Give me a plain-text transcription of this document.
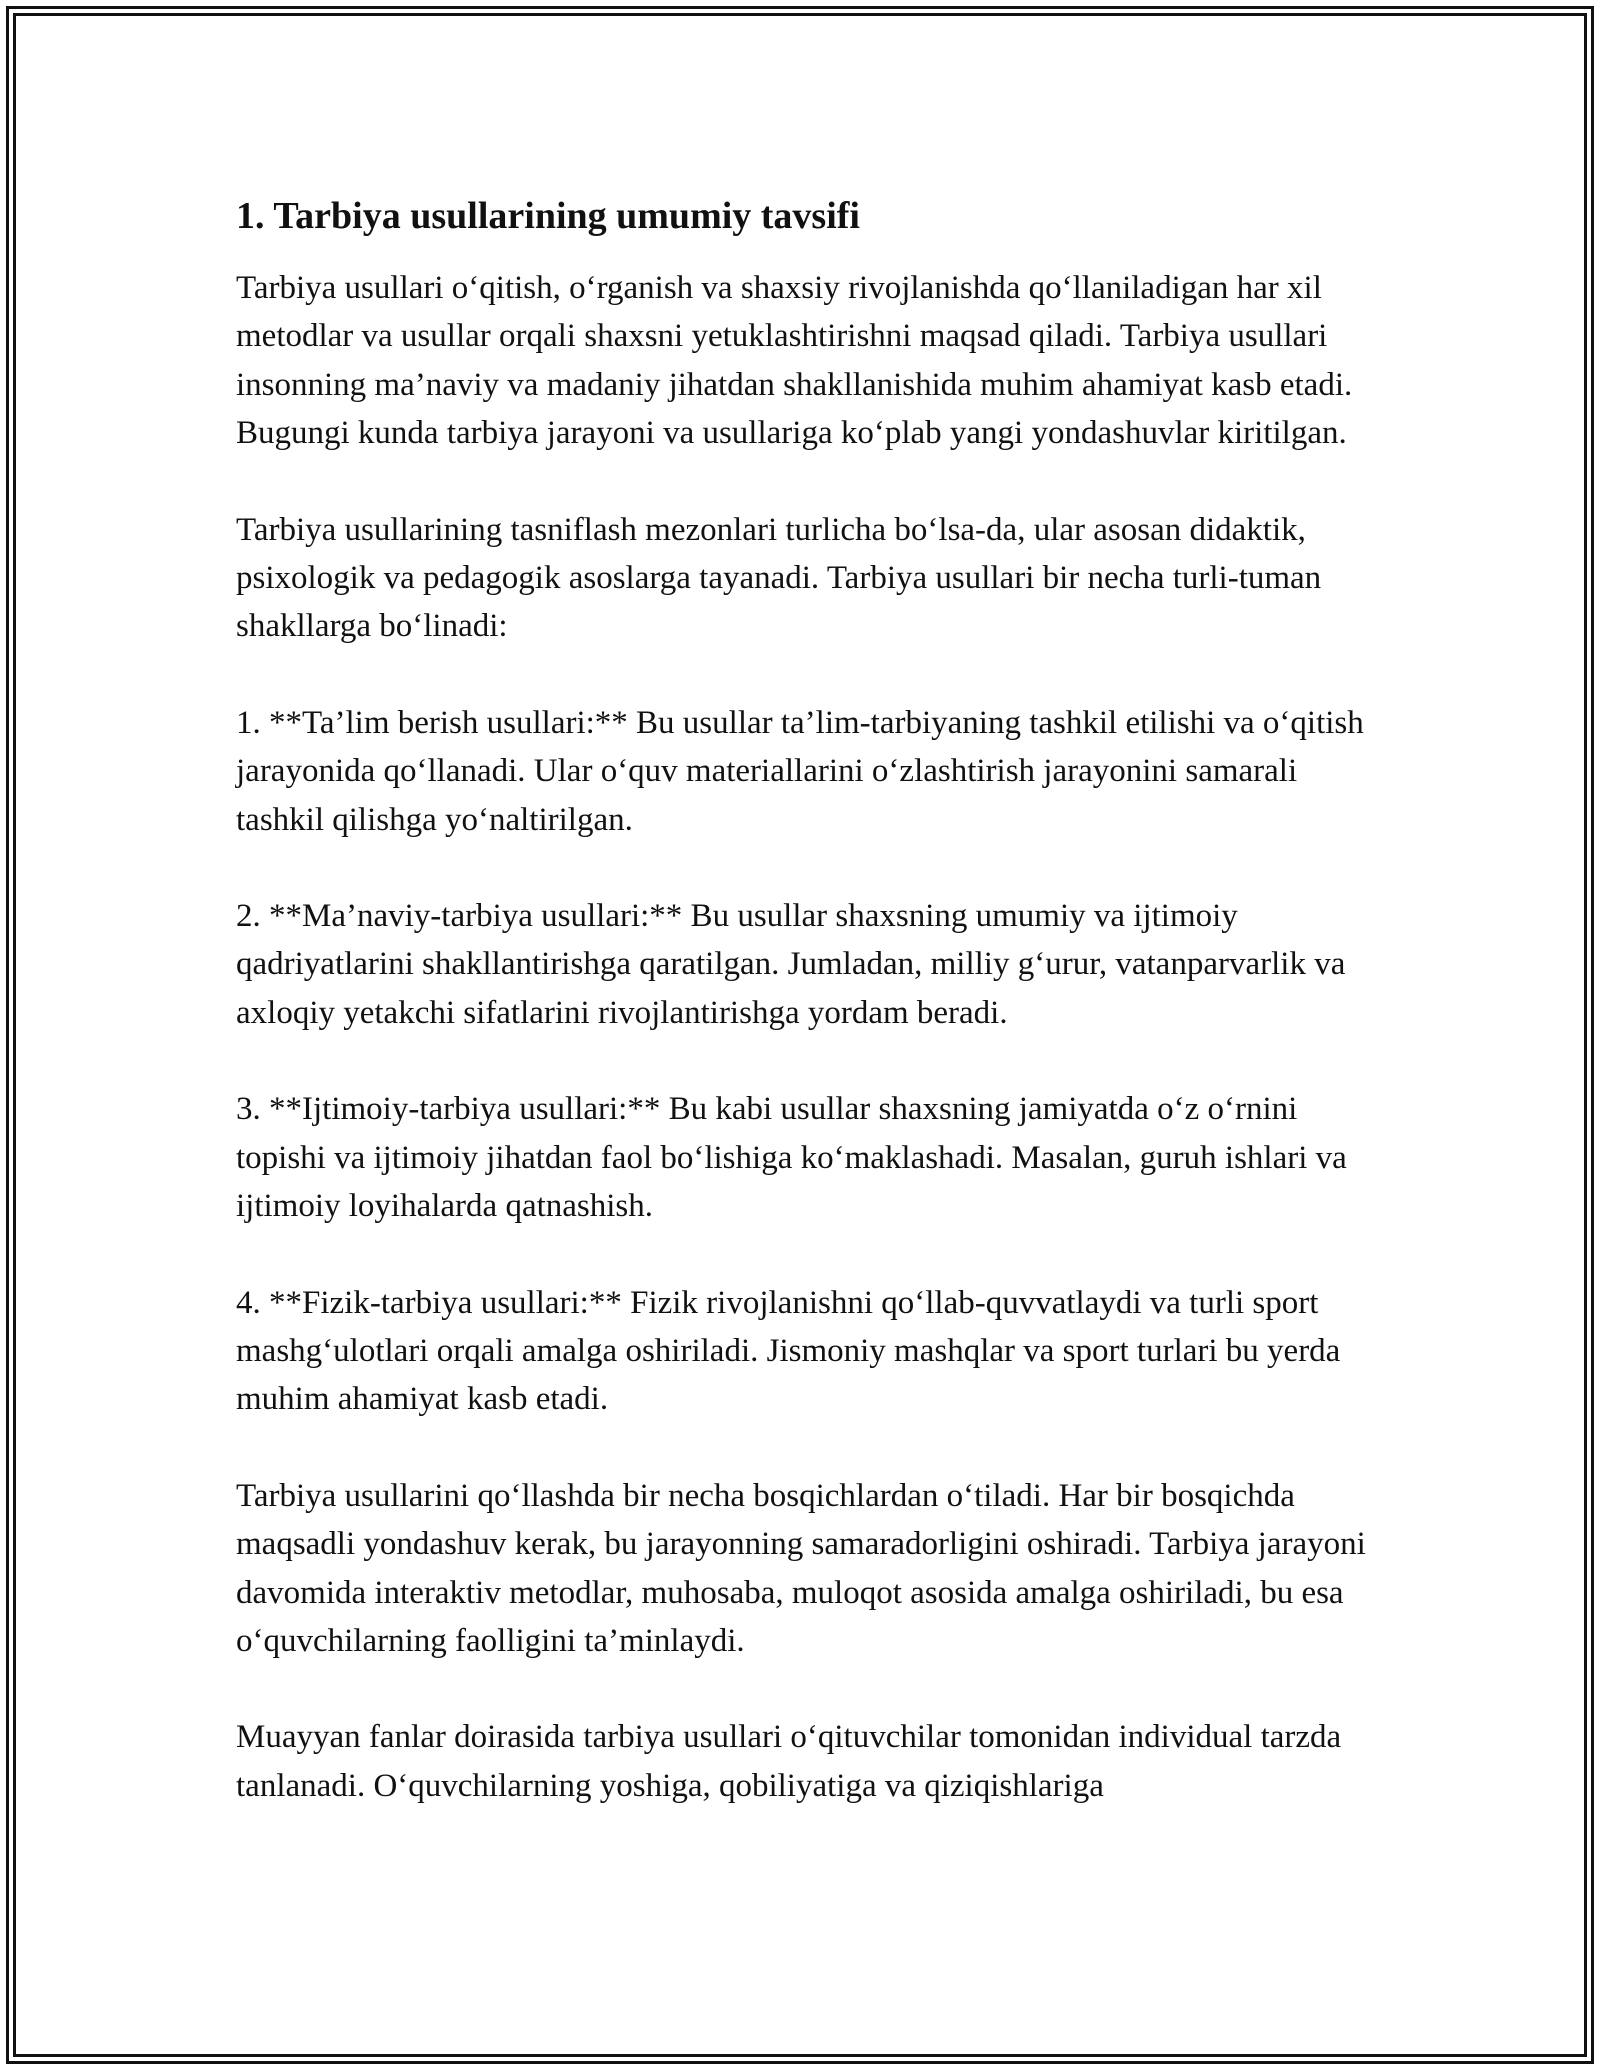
1. Tarbiya usullarining umumiy tavsifi

Tarbiya usullari o‘qitish, o‘rganish va shaxsiy rivojlanishda qo‘llaniladigan har xil metodlar va usullar orqali shaxsni yetuklashtirishni maqsad qiladi. Tarbiya usullari insonning ma’naviy va madaniy jihatdan shakllanishida muhim ahamiyat kasb etadi. Bugungi kunda tarbiya jarayoni va usullariga ko‘plab yangi yondashuvlar kiritilgan.

Tarbiya usullarining tasniflash mezonlari turlicha bo‘lsa-da, ular asosan didaktik, psixologik va pedagogik asoslarga tayanadi. Tarbiya usullari bir necha turli-tuman shakllarga bo‘linadi:

1. **Ta’lim berish usullari:** Bu usullar ta’lim-tarbiyaning tashkil etilishi va o‘qitish jarayonida qo‘llanadi. Ular o‘quv materiallarini o‘zlashtirish jarayonini samarali tashkil qilishga yo‘naltirilgan.

2. **Ma’naviy-tarbiya usullari:** Bu usullar shaxsning umumiy va ijtimoiy qadriyatlarini shakllantirishga qaratilgan. Jumladan, milliy g‘urur, vatanparvarlik va axloqiy yetakchi sifatlarini rivojlantirishga yordam beradi.

3. **Ijtimoiy-tarbiya usullari:** Bu kabi usullar shaxsning jamiyatda o‘z o‘rnini topishi va ijtimoiy jihatdan faol bo‘lishiga ko‘maklashadi. Masalan, guruh ishlari va ijtimoiy loyihalarda qatnashish.

4. **Fizik-tarbiya usullari:** Fizik rivojlanishni qo‘llab-quvvatlaydi va turli sport mashg‘ulotlari orqali amalga oshiriladi. Jismoniy mashqlar va sport turlari bu yerda muhim ahamiyat kasb etadi.

Tarbiya usullarini qo‘llashda bir necha bosqichlardan o‘tiladi. Har bir bosqichda maqsadli yondashuv kerak, bu jarayonning samaradorligini oshiradi. Tarbiya jarayoni davomida interaktiv metodlar, muhosaba, muloqot asosida amalga oshiriladi, bu esa o‘quvchilarning faolligini ta’minlaydi.

Muayyan fanlar doirasida tarbiya usullari o‘qituvchilar tomonidan individual tarzda tanlanadi. O‘quvchilarning yoshiga, qobiliyatiga va qiziqishlariga
